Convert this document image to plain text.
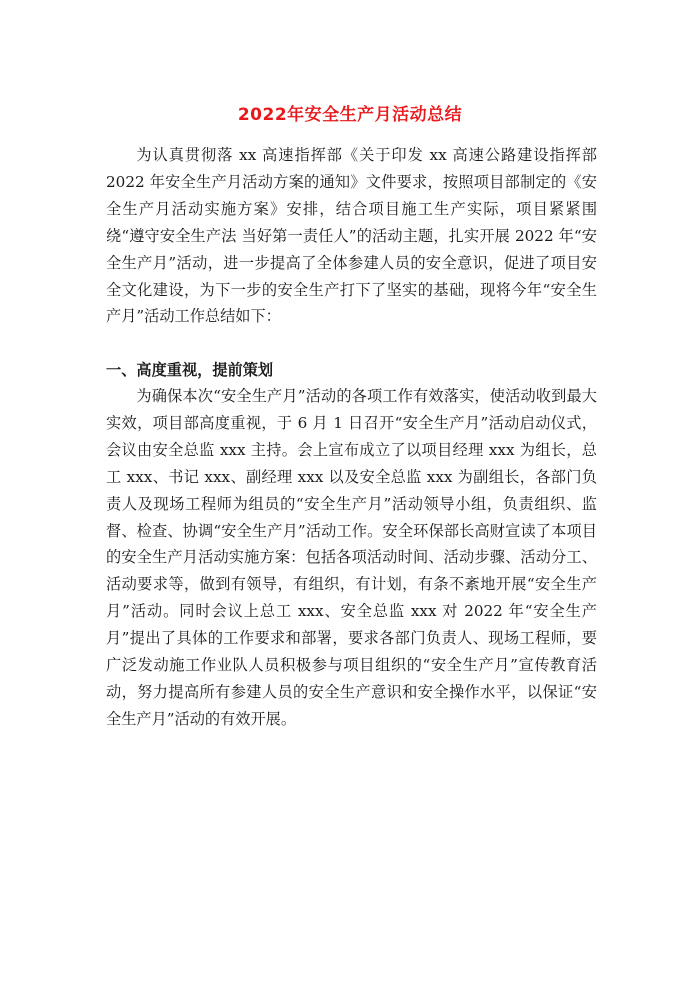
2022年安全生产月活动总结

为认真贯彻落 xx 高速指挥部《关于印发 xx 高速公路建设指挥部 2022 年安全生产月活动方案的通知》文件要求，按照项目部制定的《安全生产月活动实施方案》安排，结合项目施工生产实际，项目紧紧围绕“遵守安全生产法 当好第一责任人”的活动主题，扎实开展 2022 年“安全生产月”活动，进一步提高了全体参建人员的安全意识，促进了项目安全文化建设，为下一步的安全生产打下了坚实的基础，现将今年“安全生产月”活动工作总结如下：

一、高度重视，提前策划

为确保本次“安全生产月”活动的各项工作有效落实，使活动收到最大实效，项目部高度重视，于 6 月 1 日召开“安全生产月”活动启动仪式，会议由安全总监 xxx 主持。会上宣布成立了以项目经理 xxx 为组长，总工 xxx、书记 xxx、副经理 xxx 以及安全总监 xxx 为副组长，各部门负责人及现场工程师为组员的“安全生产月”活动领导小组，负责组织、监督、检查、协调“安全生产月”活动工作。安全环保部长高财宣读了本项目的安全生产月活动实施方案：包括各项活动时间、活动步骤、活动分工、活动要求等，做到有领导，有组织，有计划，有条不紊地开展“安全生产月”活动。同时会议上总工 xxx、安全总监 xxx 对 2022 年“安全生产月”提出了具体的工作要求和部署，要求各部门负责人、现场工程师，要广泛发动施工作业队人员积极参与项目组织的“安全生产月”宣传教育活动，努力提高所有参建人员的安全生产意识和安全操作水平，以保证“安全生产月”活动的有效开展。
